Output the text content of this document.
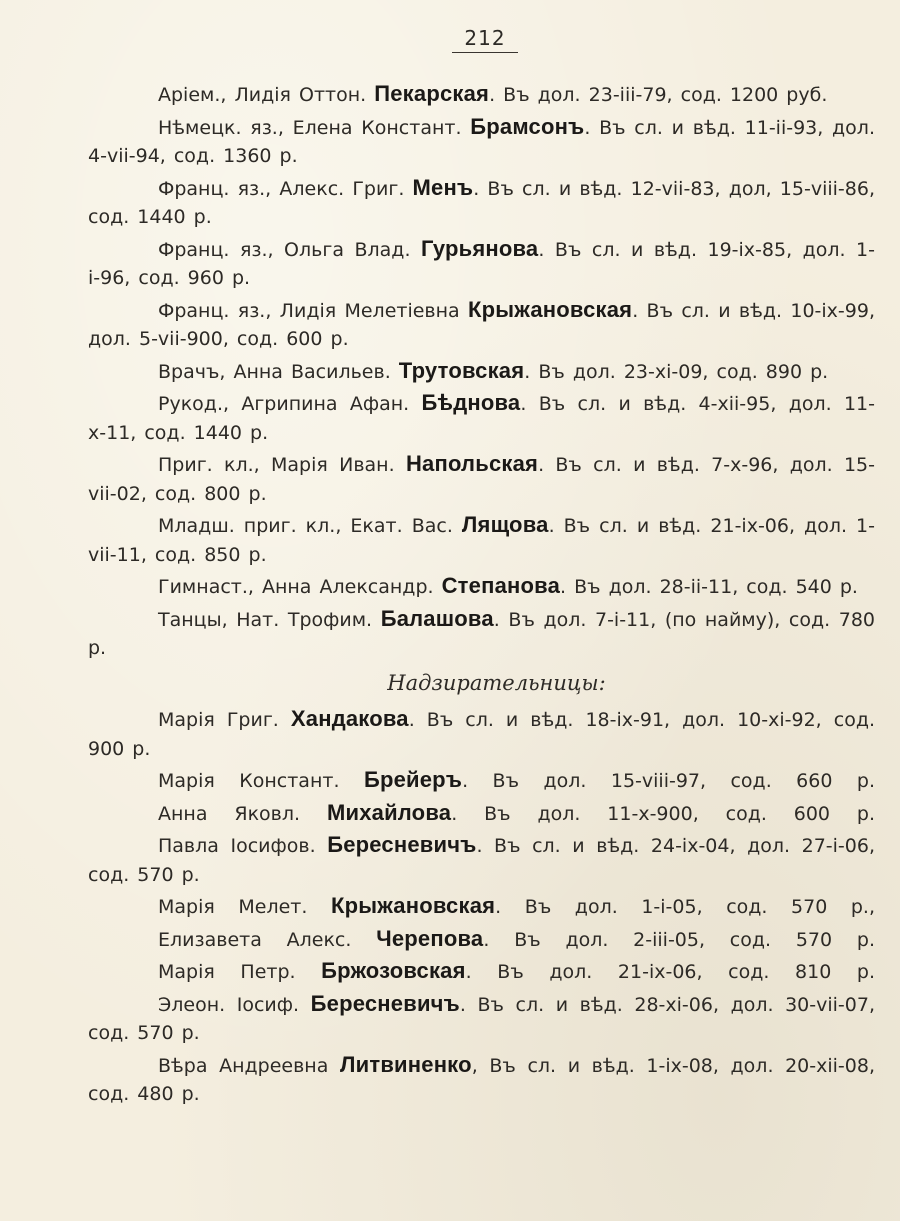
212

Аріем., Лидія Оттон. Пекарская. Въ дол. 23-ііі-79, сод. 1200 руб.

Нѣмецк. яз., Елена Констант. Брамсонъ. Въ сл. и вѣд. 11-іі-93, дол. 4-vіі-94, сод. 1360 р.

Франц. яз., Алекс. Григ. Менъ. Въ сл. и вѣд. 12-vіі-83, дол, 15-vііі-86, сод. 1440 р.

Франц. яз., Ольга Влад. Гурьянова. Въ сл. и вѣд. 19-іх-85, дол. 1-і-96, сод. 960 р.

Франц. яз., Лидія Мелетіевна Крыжановская. Въ сл. и вѣд. 10-іх-99, дол. 5-vіі-900, сод. 600 р.

Врачъ, Анна Васильев. Трутовская. Въ дол. 23-хі-09, сод. 890 р.

Рукод., Агрипина Афан. Бѣднова. Въ сл. и вѣд. 4-хіі-95, дол. 11-х-11, сод. 1440 р.

Приг. кл., Марія Иван. Напольская. Въ сл. и вѣд. 7-х-96, дол. 15-vіі-02, сод. 800 р.

Младш. приг. кл., Екат. Вас. Лящова. Въ сл. и вѣд. 21-іх-06, дол. 1-vіі-11, сод. 850 р.

Гимнаст., Анна Александр. Степанова. Въ дол. 28-іі-11, сод. 540 р.

Танцы, Нат. Трофим. Балашова. Въ дол. 7-і-11, (по найму), сод. 780 р.

Надзирательницы:

Марія Григ. Хандакова. Въ сл. и вѣд. 18-іх-91, дол. 10-хі-92, сод. 900 р.

Марія Констант. Брейеръ. Въ дол. 15-vііі-97, сод. 660 р.

Анна Яковл. Михайлова. Въ дол. 11-х-900, сод. 600 р.

Павла Іосифов. Бересневичъ. Въ сл. и вѣд. 24-іх-04, дол. 27-і-06, сод. 570 р.

Марія Мелет. Крыжановская. Въ дол. 1-і-05, сод. 570 р.,

Елизавета Алекс. Черепова. Въ дол. 2-ііі-05, сод. 570 р.

Марія Петр. Бржозовская. Въ дол. 21-іх-06, сод. 810 р.

Элеон. Іосиф. Бересневичъ. Въ сл. и вѣд. 28-хі-06, дол. 30-vіі-07, сод. 570 р.

Вѣра Андреевна Литвиненко, Въ сл. и вѣд. 1-іх-08, дол. 20-хіі-08, сод. 480 р.
